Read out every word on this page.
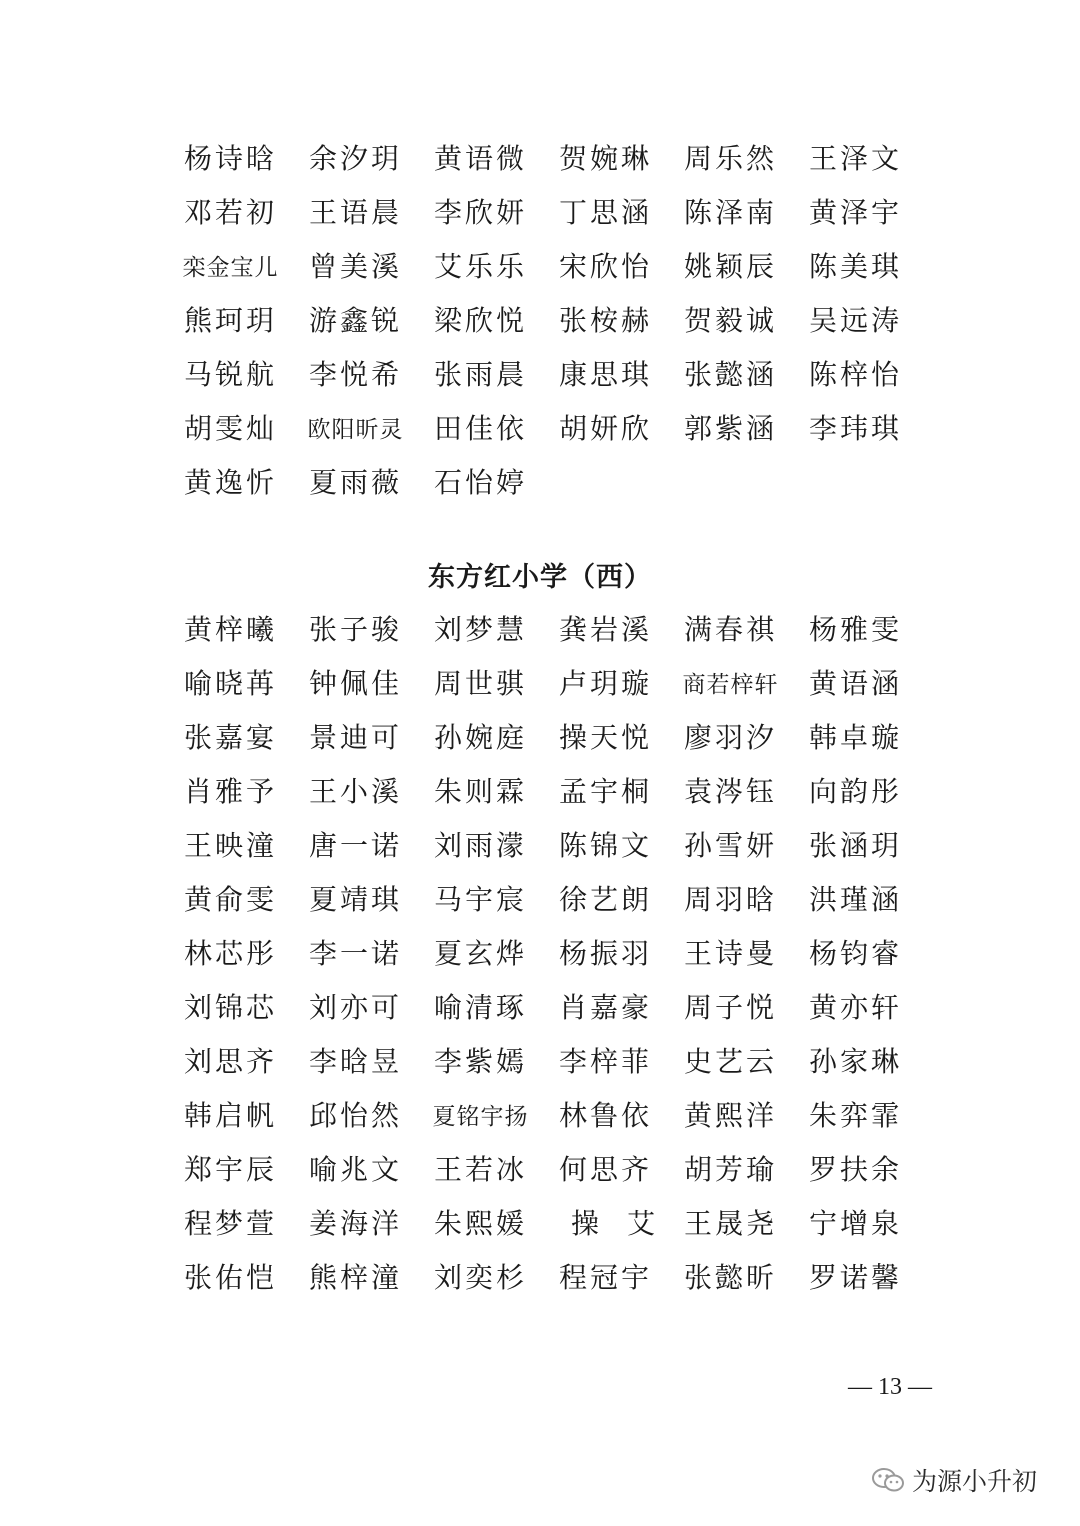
杨诗晗	余汐玥	黄语微	贺婉琳	周乐然	王泽文
邓若初	王语晨	李欣妍	丁思涵	陈泽南	黄泽宇
栾金宝儿	曾美溪	艾乐乐	宋欣怡	姚颖辰	陈美琪
熊珂玥	游鑫锐	梁欣悦	张桉赫	贺毅诚	吴远涛
马锐航	李悦希	张雨晨	康思琪	张懿涵	陈梓怡
胡雯灿	欧阳昕灵	田佳依	胡妍欣	郭紫涵	李玮琪
黄逸忻	夏雨薇	石怡婷
东方红小学（西）
黄梓曦	张子骏	刘梦慧	龚岩溪	满春祺	杨雅雯
喻晓苒	钟佩佳	周世骐	卢玥璇	商若梓轩	黄语涵
张嘉宴	景迪可	孙婉庭	操天悦	廖羽汐	韩卓璇
肖雅予	王小溪	朱则霖	孟宇桐	袁涔钰	向韵彤
王映潼	唐一诺	刘雨濛	陈锦文	孙雪妍	张涵玥
黄俞雯	夏靖琪	马宇宸	徐艺朗	周羽晗	洪瑾涵
林芯彤	李一诺	夏玄烨	杨振羽	王诗曼	杨钧睿
刘锦芯	刘亦可	喻清琢	肖嘉豪	周子悦	黄亦轩
刘思齐	李晗昱	李紫嫣	李梓菲	史艺云	孙家琳
韩启帆	邱怡然	夏铭宇扬	林鲁依	黄熙洋	朱弈霏
郑宇辰	喻兆文	王若冰	何思齐	胡芳瑜	罗扶余
程梦萱	姜海洋	朱熙媛	操艾 王晟尧	宁增泉
张佑恺	熊梓潼	刘奕杉	程冠宇	张懿昕	罗诺馨
— 13 —
为源小升初
